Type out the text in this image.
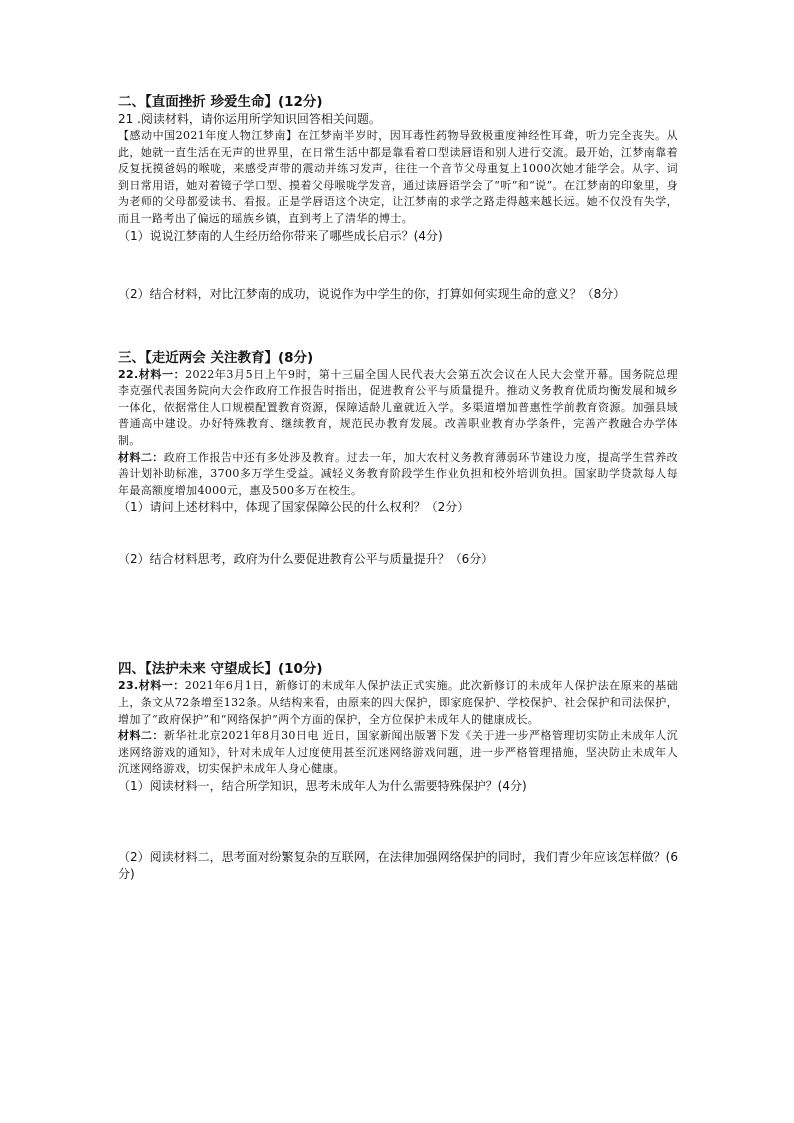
二、【直面挫折 珍爱生命】(12分)

21 .阅读材料，请你运用所学知识回答相关问题。

【感动中国2021年度人物江梦南】在江梦南半岁时，因耳毒性药物导致极重度神经性耳聋，听力完全丧失。从此，她就一直生活在无声的世界里，在日常生活中都是靠看着口型读唇语和别人进行交流。最开始，江梦南靠着反复抚摸爸妈的喉咙，来感受声带的震动并练习发声，往往一个音节父母重复上1000次她才能学会。从字、词到日常用语，她对着镜子学口型、摸着父母喉咙学发音，通过读唇语学会了“听”和“说”。在江梦南的印象里，身为老师的父母都爱读书、看报。正是学唇语这个决定，让江梦南的求学之路走得越来越长远。她不仅没有失学，而且一路考出了偏远的瑶族乡镇，直到考上了清华的博士。

（1）说说江梦南的人生经历给你带来了哪些成长启示？(4分)

（2）结合材料，对比江梦南的成功，说说作为中学生的你，打算如何实现生命的意义？（8分）

三、【走近两会 关注教育】(8分)

22.材料一：2022年3月5日上午9时，第十三届全国人民代表大会第五次会议在人民大会堂开幕。国务院总理李克强代表国务院向大会作政府工作报告时指出，促进教育公平与质量提升。推动义务教育优质均衡发展和城乡一体化，依据常住人口规模配置教育资源，保障适龄儿童就近入学。多渠道增加普惠性学前教育资源。加强县域普通高中建设。办好特殊教育、继续教育，规范民办教育发展。改善职业教育办学条件，完善产教融合办学体制。

材料二：政府工作报告中还有多处涉及教育。过去一年，加大农村义务教育薄弱环节建设力度，提高学生营养改善计划补助标准，3700多万学生受益。减轻义务教育阶段学生作业负担和校外培训负担。国家助学贷款每人每年最高额度增加4000元，惠及500多万在校生。

（1）请问上述材料中，体现了国家保障公民的什么权利？（2分）

（2）结合材料思考，政府为什么要促进教育公平与质量提升？（6分）

四、【法护未来 守望成长】(10分)

23.材料一：2021年6月1日，新修订的未成年人保护法正式实施。此次新修订的未成年人保护法在原来的基础上，条文从72条增至132条。从结构来看，由原来的四大保护，即家庭保护、学校保护、社会保护和司法保护，增加了“政府保护”和“网络保护”两个方面的保护，全方位保护未成年人的健康成长。

材料二：新华社北京2021年8月30日电 近日，国家新闻出版署下发《关于进一步严格管理切实防止未成年人沉迷网络游戏的通知》，针对未成年人过度使用甚至沉迷网络游戏问题，进一步严格管理措施，坚决防止未成年人沉迷网络游戏，切实保护未成年人身心健康。

（1）阅读材料一，结合所学知识，思考未成年人为什么需要特殊保护？(4分)

（2）阅读材料二，思考面对纷繁复杂的互联网，在法律加强网络保护的同时，我们青少年应该怎样做？(6分)
